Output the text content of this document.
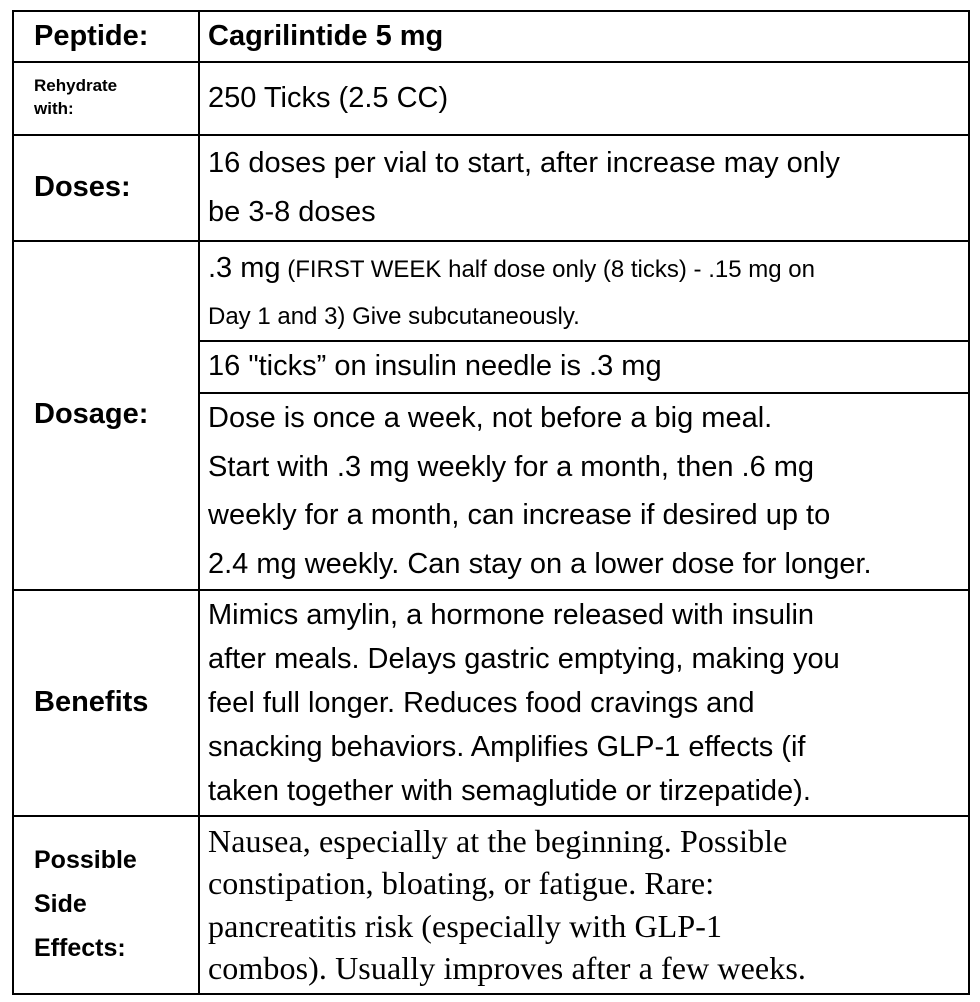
Peptide:	Cagrilintide 5 mg

Rehydrate
with:	250 Ticks (2.5 CC)
Doses:	16 doses per vial to start, after increase may only
be 3-8 doses

Dosage:	.3 mg (FIRST WEEK half dose only (8 ticks) - .15 mg on
Day 1 and 3) Give subcutaneously.

	16 "ticks” on insulin needle is .3 mg

	Dose is once a week, not before a big meal.
Start with .3 mg weekly for a month, then .6 mg
weekly for a month, can increase if desired up to
2.4 mg weekly. Can stay on a lower dose for longer.

Benefits	Mimics amylin, a hormone released with insulin
after meals. Delays gastric emptying, making you
feel full longer. Reduces food cravings and
snacking behaviors. Amplifies GLP-1 effects (if
taken together with semaglutide or tirzepatide).

Possible
Side
Effects:	Nausea, especially at the beginning. Possible
constipation, bloating, or fatigue. Rare:
pancreatitis risk (especially with GLP-1
combos). Usually improves after a few weeks.
